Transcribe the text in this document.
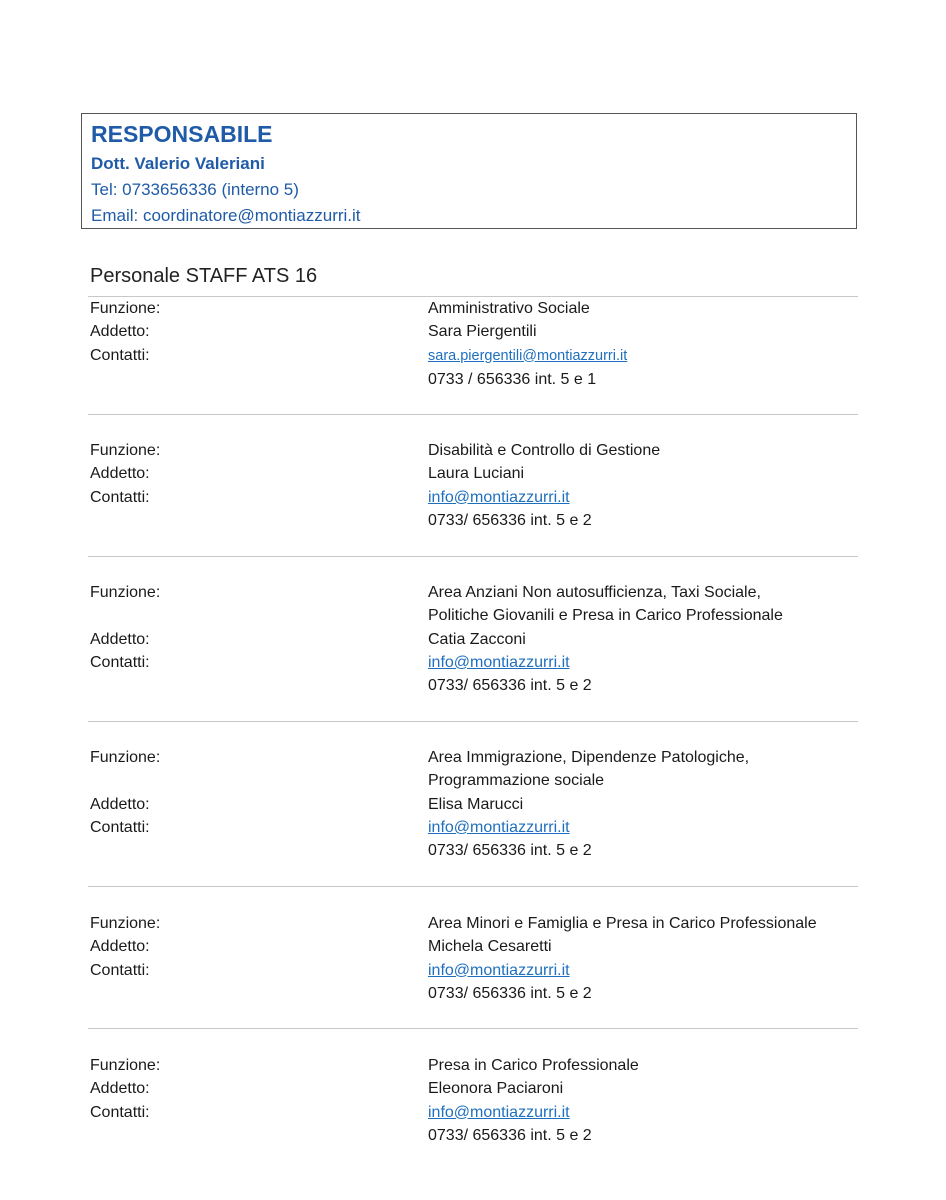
RESPONSABILE
Dott. Valerio Valeriani
Tel: 0733656336 (interno 5)
Email: coordinatore@montiazzurri.it
Personale STAFF ATS 16
Funzione:	Amministrativo Sociale
Addetto:	Sara Piergentili
Contatti:	sara.piergentili@montiazzurri.it
0733 / 656336 int. 5 e 1
Funzione:	Disabilità e Controllo di Gestione
Addetto:	Laura Luciani
Contatti:	info@montiazzurri.it
0733/ 656336 int. 5 e 2
Funzione:	Area Anziani Non autosufficienza, Taxi Sociale,
Politiche Giovanili e Presa in Carico Professionale
Addetto:	Catia Zacconi
Contatti:	info@montiazzurri.it
0733/ 656336 int. 5 e 2
Funzione:	Area Immigrazione, Dipendenze Patologiche,
Programmazione sociale
Addetto:	Elisa Marucci
Contatti:	info@montiazzurri.it
0733/ 656336 int. 5 e 2
Funzione:	Area Minori e Famiglia e Presa in Carico Professionale
Addetto:	Michela Cesaretti
Contatti:	info@montiazzurri.it
0733/ 656336 int. 5 e 2
Funzione:	Presa in Carico Professionale
Addetto:	Eleonora Paciaroni
Contatti:	info@montiazzurri.it
0733/ 656336 int. 5 e 2
